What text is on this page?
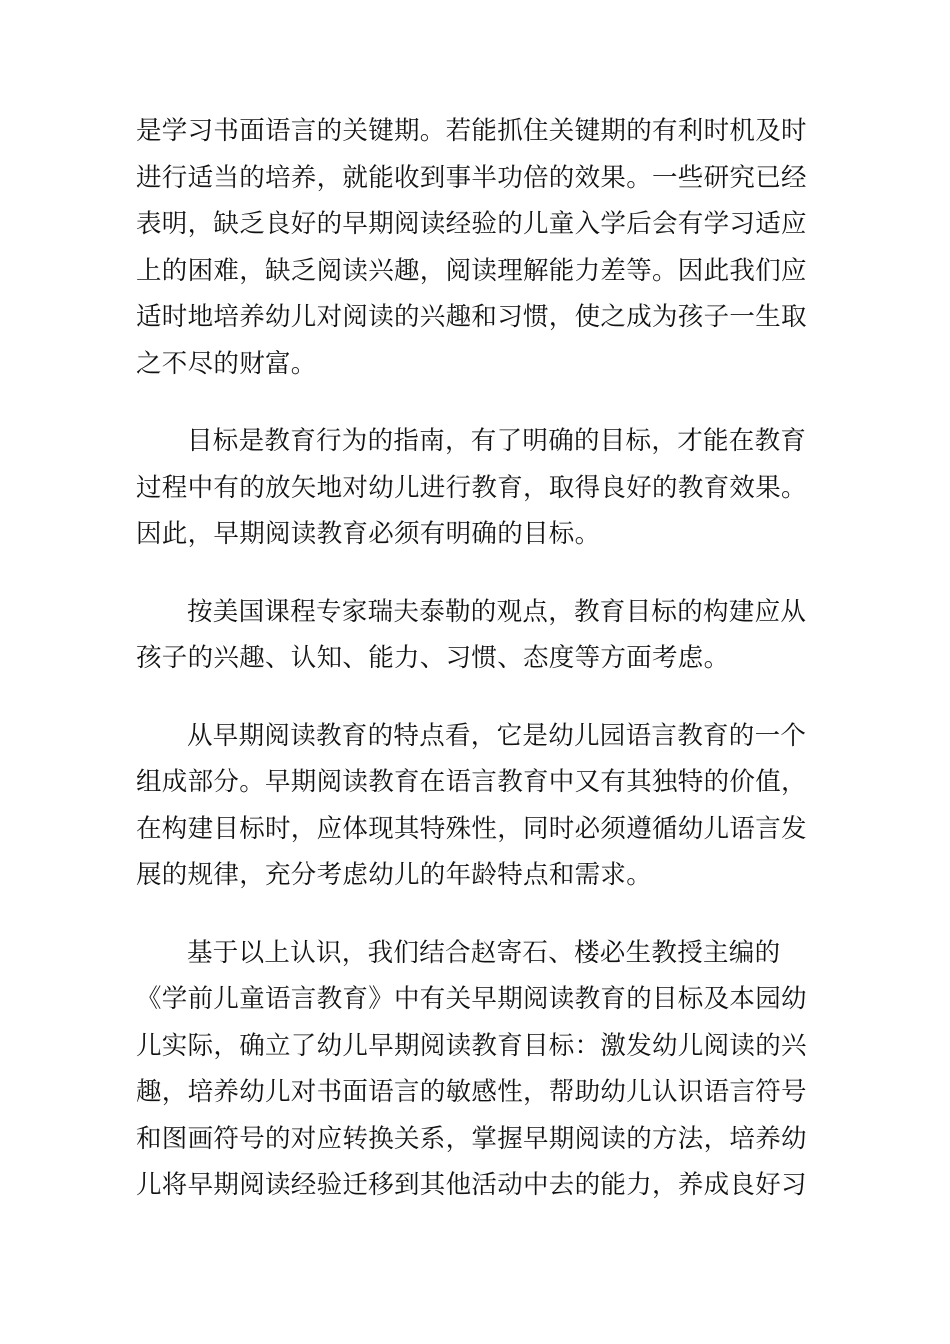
是学习书面语言的关键期。若能抓住关键期的有利时机及时
进行适当的培养，就能收到事半功倍的效果。一些研究已经
表明，缺乏良好的早期阅读经验的儿童入学后会有学习适应
上的困难，缺乏阅读兴趣，阅读理解能力差等。因此我们应
适时地培养幼儿对阅读的兴趣和习惯，使之成为孩子一生取
之不尽的财富。

目标是教育行为的指南，有了明确的目标，才能在教育
过程中有的放矢地对幼儿进行教育，取得良好的教育效果。
因此，早期阅读教育必须有明确的目标。

按美国课程专家瑞夫泰勒的观点，教育目标的构建应从
孩子的兴趣、认知、能力、习惯、态度等方面考虑。

从早期阅读教育的特点看，它是幼儿园语言教育的一个
组成部分。早期阅读教育在语言教育中又有其独特的价值，
在构建目标时，应体现其特殊性，同时必须遵循幼儿语言发
展的规律，充分考虑幼儿的年龄特点和需求。

基于以上认识，我们结合赵寄石、楼必生教授主编的
《学前儿童语言教育》中有关早期阅读教育的目标及本园幼
儿实际，确立了幼儿早期阅读教育目标：激发幼儿阅读的兴
趣，培养幼儿对书面语言的敏感性，帮助幼儿认识语言符号
和图画符号的对应转换关系，掌握早期阅读的方法，培养幼
儿将早期阅读经验迁移到其他活动中去的能力，养成良好习
